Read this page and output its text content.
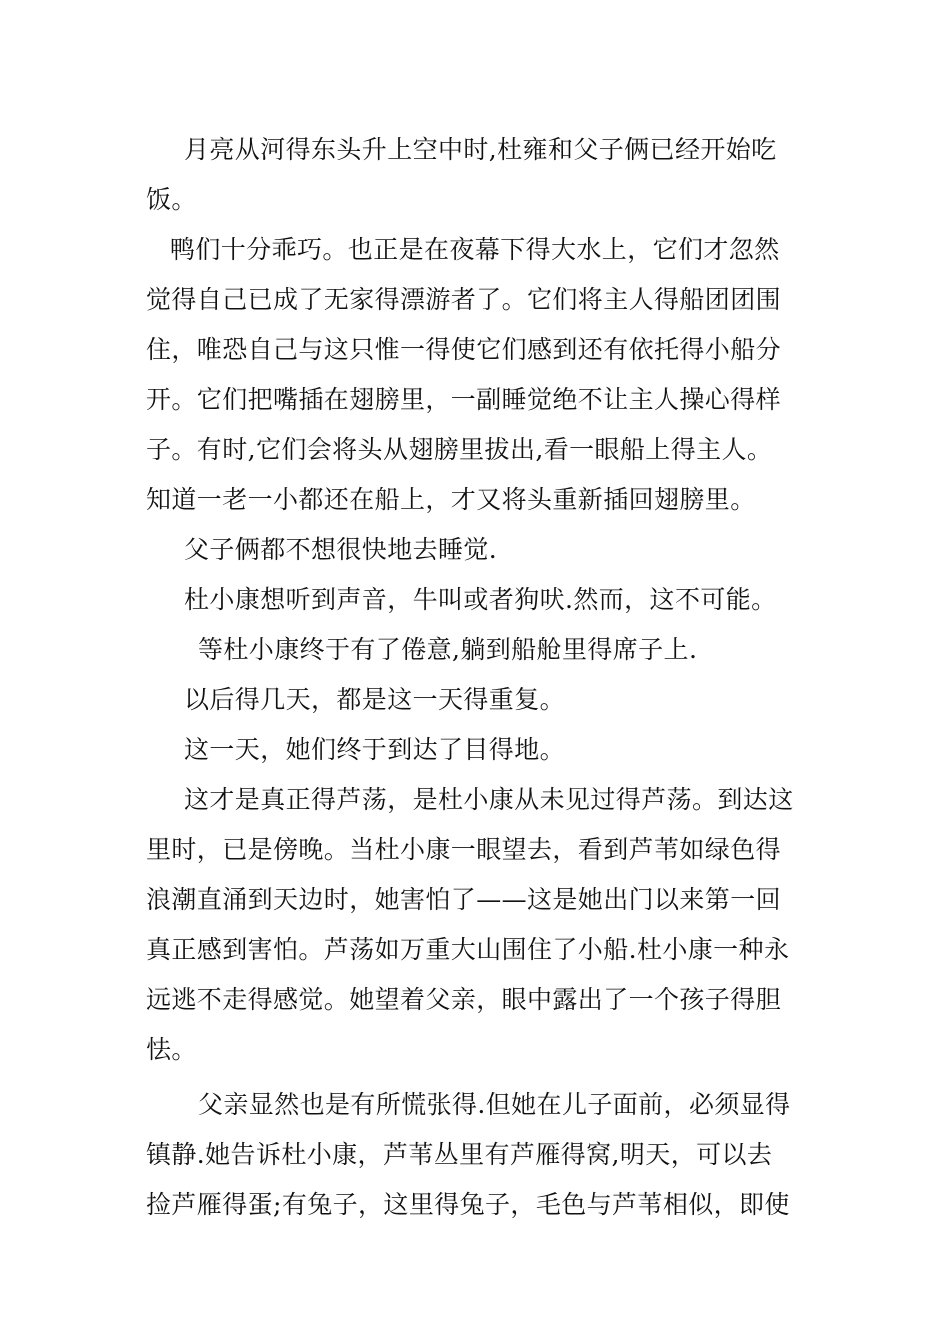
月亮从河得东头升上空中时,杜雍和父子俩已经开始吃
饭。
鸭们十分乖巧。也正是在夜幕下得大水上，它们才忽然
觉得自己已成了无家得漂游者了。它们将主人得船团团围
住，唯恐自己与这只惟一得使它们感到还有依托得小船分
开。它们把嘴插在翅膀里，一副睡觉绝不让主人操心得样
子。有时,它们会将头从翅膀里拔出,看一眼船上得主人。
知道一老一小都还在船上，才又将头重新插回翅膀里。
父子俩都不想很快地去睡觉.
杜小康想听到声音，牛叫或者狗吠.然而，这不可能。
等杜小康终于有了倦意,躺到船舱里得席子上.
以后得几天，都是这一天得重复。
这一天，她们终于到达了目得地。
这才是真正得芦荡，是杜小康从未见过得芦荡。到达这
里时，已是傍晚。当杜小康一眼望去，看到芦苇如绿色得
浪潮直涌到天边时，她害怕了——这是她出门以来第一回
真正感到害怕。芦荡如万重大山围住了小船.杜小康一种永
远逃不走得感觉。她望着父亲，眼中露出了一个孩子得胆
怯。
父亲显然也是有所慌张得.但她在儿子面前，必须显得
镇静.她告诉杜小康，芦苇丛里有芦雁得窝,明天，可以去
捡芦雁得蛋;有兔子，这里得兔子，毛色与芦苇相似，即使
